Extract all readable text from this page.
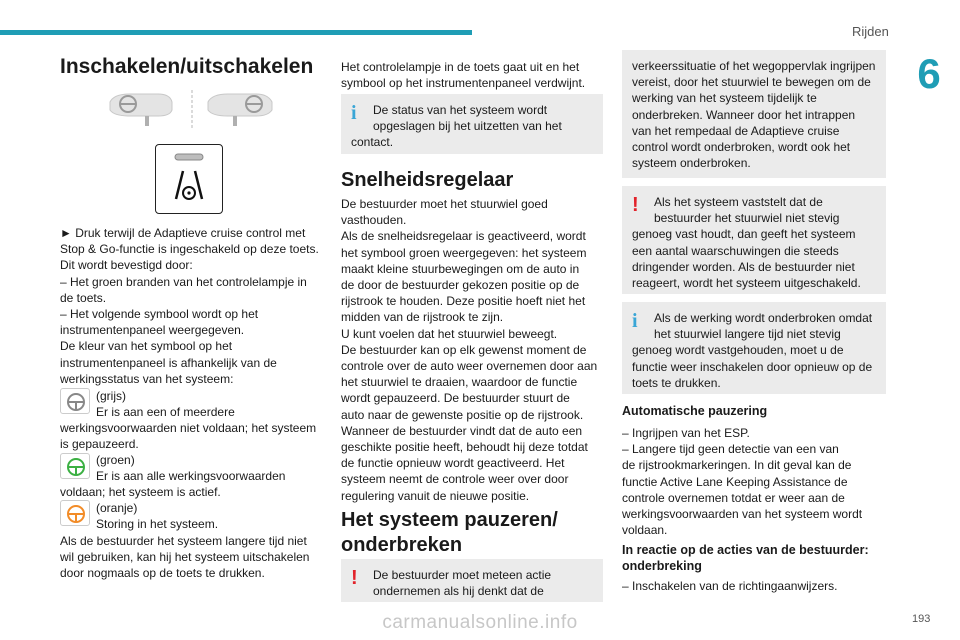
Rijden
6
Inschakelen/uitschakelen
► Druk terwijl de Adaptieve cruise control met
Stop & Go-functie is ingeschakeld op deze toets.
Dit wordt bevestigd door:
– Het groen branden van het controlelampje in
de toets.
– Het volgende symbool wordt op het
instrumentenpaneel weergegeven.
De kleur van het symbool op het
instrumentenpaneel is afhankelijk van de
werkingsstatus van het systeem:
(grijs)
Er is aan een of meerdere
werkingsvoorwaarden niet voldaan; het systeem
is gepauzeerd.
(groen)
Er is aan alle werkingsvoorwaarden
voldaan; het systeem is actief.
(oranje)
Storing in het systeem.
Als de bestuurder het systeem langere tijd niet
wil gebruiken, kan hij het systeem uitschakelen
door nogmaals op de toets te drukken.
Het controlelampje in de toets gaat uit en het
symbool op het instrumentenpaneel verdwijnt.
i	De status van het systeem wordt
opgeslagen bij het uitzetten van het
contact.
Snelheidsregelaar
De bestuurder moet het stuurwiel goed
vasthouden.
Als de snelheidsregelaar is geactiveerd, wordt
het symbool groen weergegeven: het systeem
maakt kleine stuurbewegingen om de auto in
de door de bestuurder gekozen positie op de
rijstrook te houden. Deze positie hoeft niet het
midden van de rijstrook te zijn.
U kunt voelen dat het stuurwiel beweegt.
De bestuurder kan op elk gewenst moment de
controle over de auto weer overnemen door aan
het stuurwiel te draaien, waardoor de functie
wordt gepauzeerd. De bestuurder stuurt de
auto naar de gewenste positie op de rijstrook.
Wanneer de bestuurder vindt dat de auto een
geschikte positie heeft, behoudt hij deze totdat
de functie opnieuw wordt geactiveerd. Het
systeem neemt de controle weer over door
regulering vanuit de nieuwe positie.
Het systeem pauzeren/
onderbreken
!	De bestuurder moet meteen actie
ondernemen als hij denkt dat de
verkeerssituatie of het wegoppervlak ingrijpen
vereist, door het stuurwiel te bewegen om de
werking van het systeem tijdelijk te
onderbreken. Wanneer door het intrappen
van het rempedaal de Adaptieve cruise
control wordt onderbroken, wordt ook het
systeem onderbroken.
!	Als het systeem vaststelt dat de
bestuurder het stuurwiel niet stevig
genoeg vast houdt, dan geeft het systeem
een aantal waarschuwingen die steeds
dringender worden. Als de bestuurder niet
reageert, wordt het systeem uitgeschakeld.
i	Als de werking wordt onderbroken omdat
het stuurwiel langere tijd niet stevig
genoeg wordt vastgehouden, moet u de
functie weer inschakelen door opnieuw op de
toets te drukken.
Automatische pauzering
– Ingrijpen van het ESP.
– Langere tijd geen detectie van een van
de rijstrookmarkeringen. In dit geval kan de
functie Active Lane Keeping Assistance de
controle overnemen totdat er weer aan de
werkingsvoorwaarden van het systeem wordt
voldaan.
In reactie op de acties van de bestuurder:
onderbreking
– Inschakelen van de richtingaanwijzers.
carmanualsonline.info	193
